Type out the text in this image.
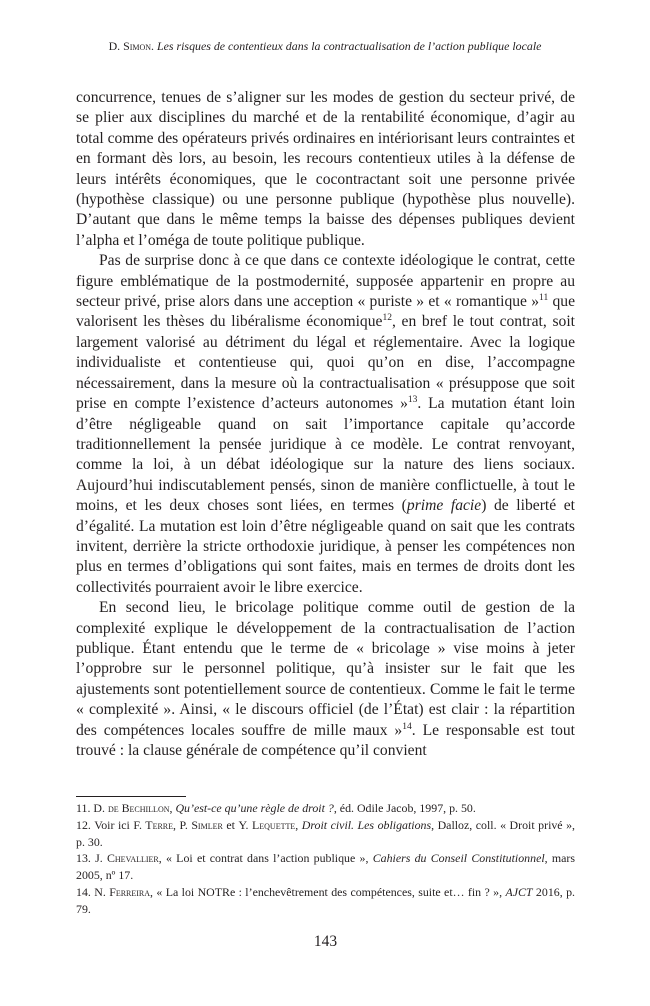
D. Simon. Les risques de contentieux dans la contractualisation de l’action publique locale

concurrence, tenues de s’aligner sur les modes de gestion du secteur privé, de se plier aux disciplines du marché et de la rentabilité économique, d’agir au total comme des opérateurs privés ordinaires en intériorisant leurs contraintes et en formant dès lors, au besoin, les recours contentieux utiles à la défense de leurs intérêts économiques, que le cocontractant soit une personne privée (hypothèse classique) ou une personne publique (hypothèse plus nouvelle). D’autant que dans le même temps la baisse des dépenses publiques devient l’alpha et l’oméga de toute politique publique.

Pas de surprise donc à ce que dans ce contexte idéologique le contrat, cette figure emblématique de la postmodernité, supposée appartenir en propre au secteur privé, prise alors dans une acception « puriste » et « romantique »$^{11}$ que valorisent les thèses du libéralisme économique$^{12}$, en bref le tout contrat, soit largement valorisé au détriment du légal et réglementaire. Avec la logique individualiste et contentieuse qui, quoi qu’on en dise, l’accompagne nécessairement, dans la mesure où la contractualisation « présuppose que soit prise en compte l’existence d’acteurs autonomes »$^{13}$. La mutation étant loin d’être négligeable quand on sait l’importance capitale qu’accorde traditionnellement la pensée juridique à ce modèle. Le contrat renvoyant, comme la loi, à un débat idéologique sur la nature des liens sociaux. Aujourd’hui indiscutablement pensés, sinon de manière conflictuelle, à tout le moins, et les deux choses sont liées, en termes (prime facie) de liberté et d’égalité. La mutation est loin d’être négligeable quand on sait que les contrats invitent, derrière la stricte orthodoxie juridique, à penser les compétences non plus en termes d’obligations qui sont faites, mais en termes de droits dont les collectivités pourraient avoir le libre exercice.

En second lieu, le bricolage politique comme outil de gestion de la complexité explique le développement de la contractualisation de l’action publique. Étant entendu que le terme de « bricolage » vise moins à jeter l’opprobre sur le personnel politique, qu’à insister sur le fait que les ajustements sont potentiellement source de contentieux. Comme le fait le terme « complexité ». Ainsi, « le discours officiel (de l’État) est clair : la répartition des compétences locales souffre de mille maux »$^{14}$. Le responsable est tout trouvé : la clause générale de compétence qu’il convient

11. D. de Bechillon, Qu’est-ce qu’une règle de droit ?, éd. Odile Jacob, 1997, p. 50.

12. Voir ici F. Terre, P. Simler et Y. Lequette, Droit civil. Les obligations, Dalloz, coll. « Droit privé », p. 30.

13. J. Chevallier, « Loi et contrat dans l’action publique », Cahiers du Conseil Constitutionnel, mars 2005, nº 17.

14. N. Ferreira, « La loi NOTRe : l’enchevêtrement des compétences, suite et… fin ? », AJCT 2016, p. 79.

143
